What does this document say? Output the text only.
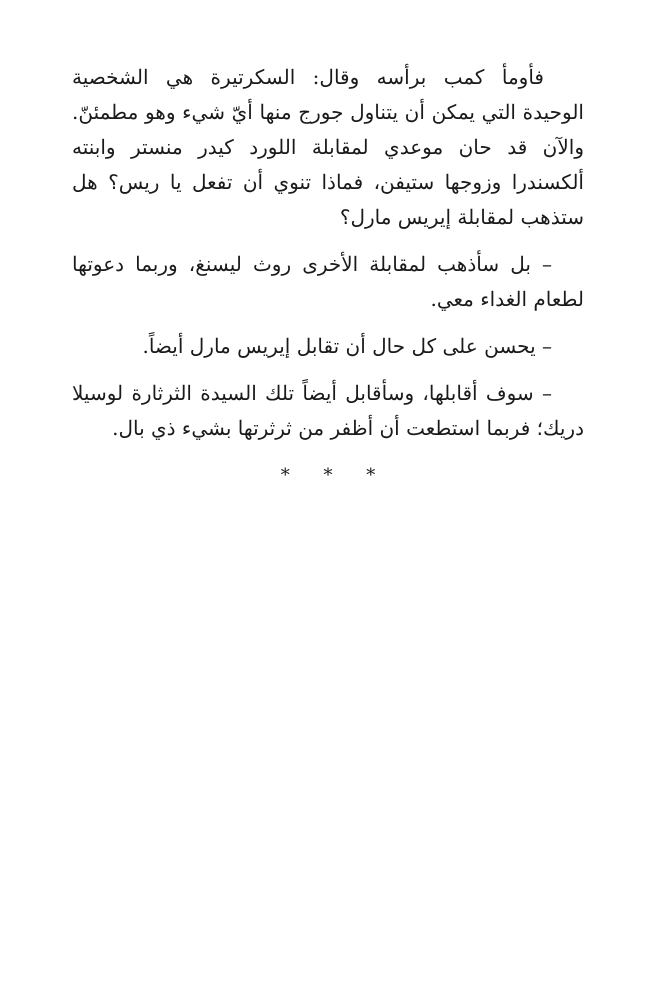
فأومأ كمب برأسه وقال: السكرتيرة هي الشخصية الوحيدة التي يمكن أن يتناول جورج منها أيّ شيء وهو مطمئنّ. والآن قد حان موعدي لمقابلة اللورد كيدر منستر وابنته ألكسندرا وزوجها ستيفن، فماذا تنوي أن تفعل يا ريس؟ هل ستذهب لمقابلة إيريس مارل؟

– بل سأذهب لمقابلة الأخرى روث ليسنغ، وربما دعوتها لطعام الغداء معي.

– يحسن على كل حال أن تقابل إيريس مارل أيضاً.

– سوف أقابلها، وسأقابل أيضاً تلك السيدة الثرثارة لوسيلا دريك؛ فربما استطعت أن أظفر من ثرثرتها بشيء ذي بال.

* * *
